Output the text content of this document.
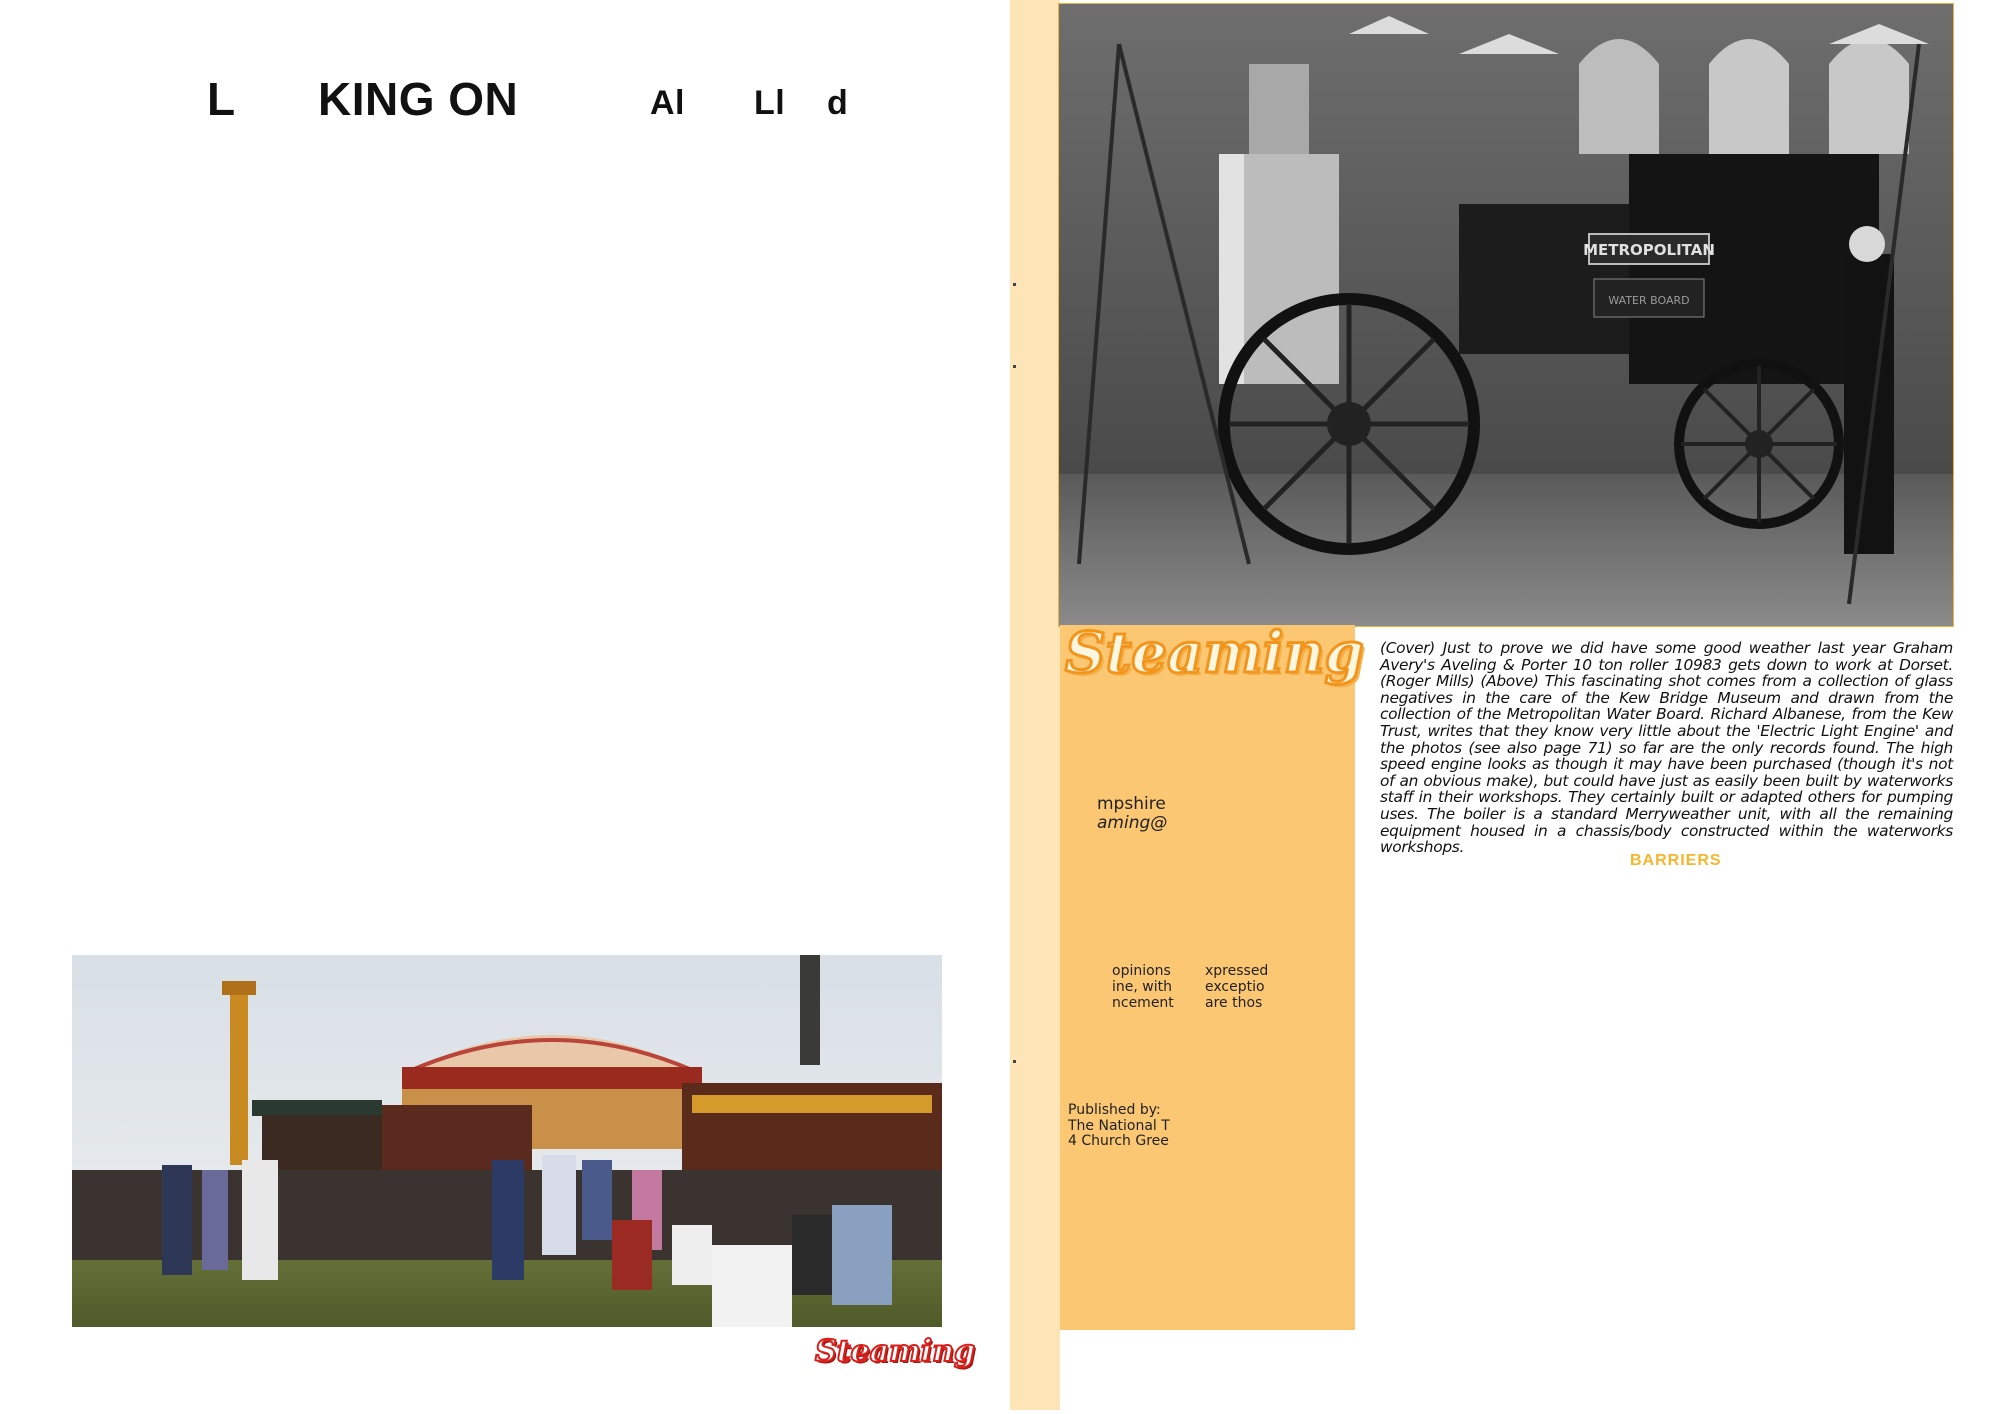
L KING ON	Al Ll d
Steaming
METROPOLITAN
WATER BOARD
Steaming
mpshire
aming@
opinions
ine, with
ncement
xpressed
exceptio
are thos
Published by:
The National T
4 Church Gree
(Cover) Just to prove we did have some good weather last year Graham Avery's Aveling & Porter 10 ton roller 10983 gets down to work at Dorset. (Roger Mills) (Above) This fascinating shot comes from a collection of glass negatives in the care of the Kew Bridge Museum and drawn from the collection of the Metropolitan Water Board. Richard Albanese, from the Kew Trust, writes that they know very little about the 'Electric Light Engine' and the photos (see also page 71) so far are the only records found. The high speed engine looks as though it may have been purchased (though it's not of an obvious make), but could have just as easily been built by waterworks staff in their workshops. They certainly built or adapted others for pumping uses. The boiler is a standard Merryweather unit, with all the remaining equipment housed in a chassis/body constructed within the waterworks workshops.
BARRIERS
